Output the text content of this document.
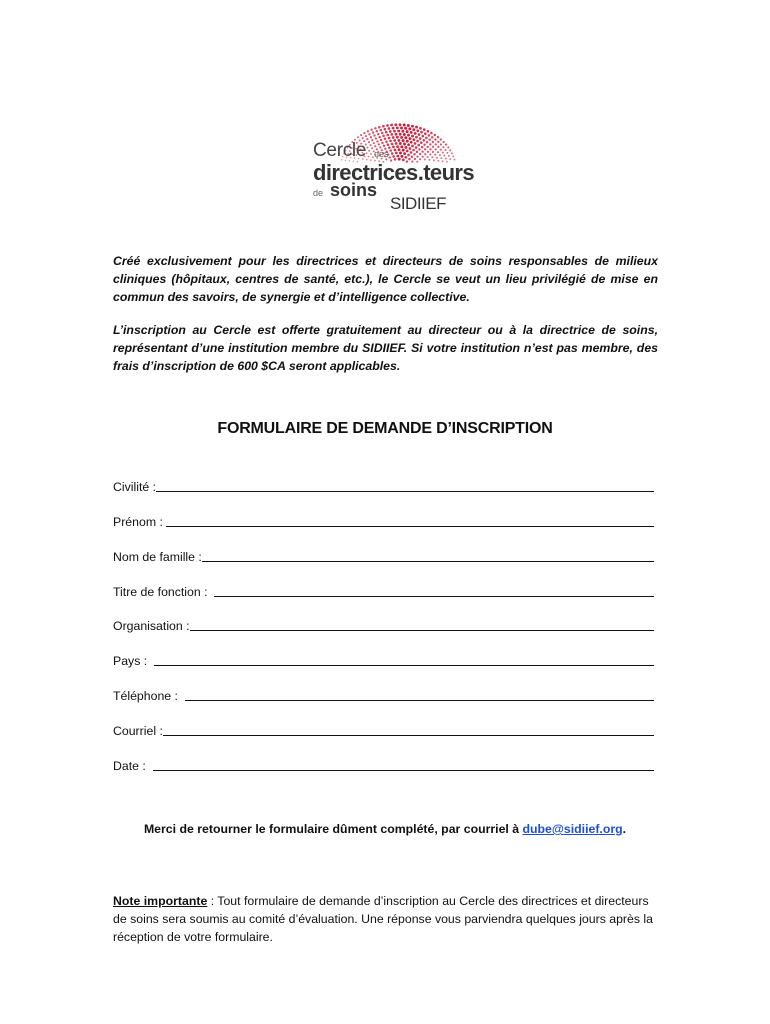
Cercle des
directrices.teurs
de soins
SIDIIEF

Créé exclusivement pour les directrices et directeurs de soins responsables de milieux cliniques (hôpitaux, centres de santé, etc.), le Cercle se veut un lieu privilégié de mise en commun des savoirs, de synergie et d’intelligence collective.

L’inscription au Cercle est offerte gratuitement au directeur ou à la directrice de soins, représentant d’une institution membre du SIDIIEF. Si votre institution n’est pas membre, des frais d’inscription de 600 $CA seront applicables.

FORMULAIRE DE DEMANDE D’INSCRIPTION
Civilité :
Prénom :
Nom de famille :
Titre de fonction :
Organisation :
Pays :
Téléphone :
Courriel :
Date :
Merci de retourner le formulaire dûment complété, par courriel à dube@sidiief.org.

Note importante : Tout formulaire de demande d’inscription au Cercle des directrices et directeurs de soins sera soumis au comité d’évaluation. Une réponse vous parviendra quelques jours après la réception de votre formulaire.
